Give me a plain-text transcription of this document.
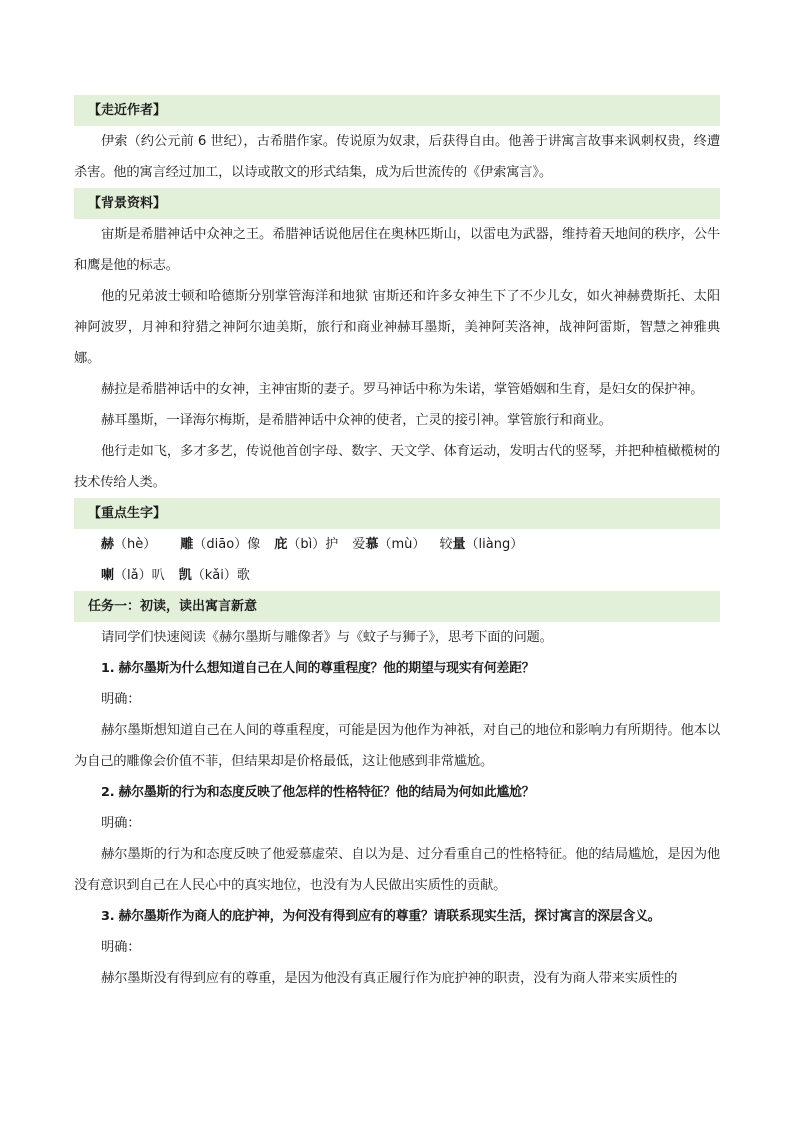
【走近作者】
伊索（约公元前 6 世纪），古希腊作家。传说原为奴隶，后获得自由。他善于讲寓言故事来讽刺权贵，终遭杀害。他的寓言经过加工，以诗或散文的形式结集，成为后世流传的《伊索寓言》。
【背景资料】
宙斯是希腊神话中众神之王。希腊神话说他居住在奥林匹斯山，以雷电为武器，维持着天地间的秩序，公牛和鹰是他的标志。
他的兄弟波士顿和哈德斯分别掌管海洋和地狱 宙斯还和许多女神生下了不少儿女，如火神赫费斯托、太阳神阿波罗，月神和狩猎之神阿尔迪美斯，旅行和商业神赫耳墨斯，美神阿芙洛神，战神阿雷斯，智慧之神雅典娜。
赫拉是希腊神话中的女神，主神宙斯的妻子。罗马神话中称为朱诺，掌管婚姻和生育，是妇女的保护神。
赫耳墨斯，一译海尔梅斯，是希腊神话中众神的使者，亡灵的接引神。掌管旅行和商业。
他行走如飞，多才多艺，传说他首创字母、数字、天文学、体育运动，发明古代的竖琴，并把种植橄榄树的技术传给人类。
【重点生字】
赫（hè） 雕（diāo）像 庇（bì）护 爱慕（mù） 较量（liàng）
喇（lǎ）叭 凯（kǎi）歌
任务一：初读，读出寓言新意
请同学们快速阅读《赫尔墨斯与雕像者》与《蚊子与狮子》，思考下面的问题。
1. 赫尔墨斯为什么想知道自己在人间的尊重程度？他的期望与现实有何差距？
明确：
赫尔墨斯想知道自己在人间的尊重程度，可能是因为他作为神祇，对自己的地位和影响力有所期待。他本以为自己的雕像会价值不菲，但结果却是价格最低，这让他感到非常尴尬。
2. 赫尔墨斯的行为和态度反映了他怎样的性格特征？他的结局为何如此尴尬？
明确：
赫尔墨斯的行为和态度反映了他爱慕虚荣、自以为是、过分看重自己的性格特征。他的结局尴尬，是因为他没有意识到自己在人民心中的真实地位，也没有为人民做出实质性的贡献。
3. 赫尔墨斯作为商人的庇护神，为何没有得到应有的尊重？请联系现实生活，探讨寓言的深层含义。
明确：
赫尔墨斯没有得到应有的尊重，是因为他没有真正履行作为庇护神的职责，没有为商人带来实质性的
